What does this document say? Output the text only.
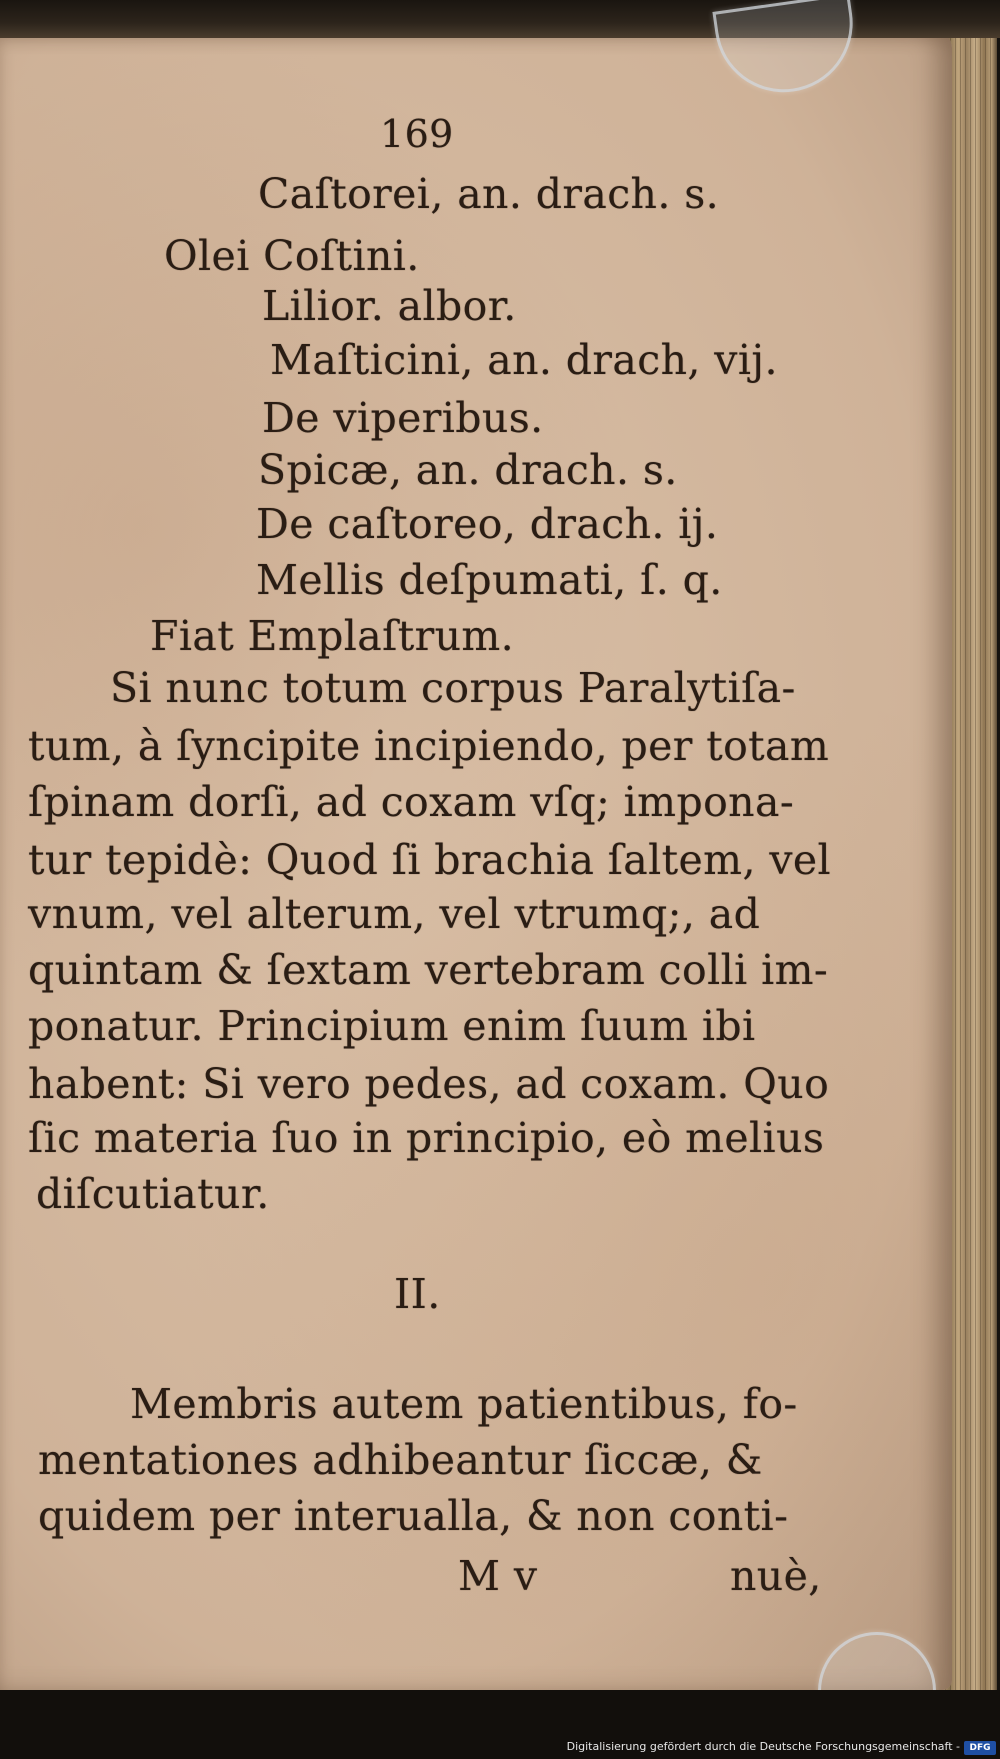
169
Caſtorei, an. drach. s.
Olei Coſtini.
Lilior. albor.
Maſticini, an. drach, vij.
De viperibus.
Spicæ, an. drach. s.
De caſtoreo, drach. ij.
Mellis deſpumati, ſ. q.
Fiat Emplaſtrum.
Si nunc totum corpus Paralytiſa-
tum, à ſyncipite incipiendo, per totam
ſpinam dorſi, ad coxam vſq; impona-
tur tepidè: Quod ſi brachia ſaltem, vel
vnum, vel alterum, vel vtrumq;, ad
quintam & ſextam vertebram colli im-
ponatur. Principium enim ſuum ibi
habent: Si vero pedes, ad coxam. Quo
ſic materia ſuo in principio, eò melius
diſcutiatur.
II.
Membris autem patientibus, fo-
mentationes adhibeantur ſiccæ, &
quidem per interualla, & non conti-
M v	nuè,
Digitalisierung gefördert durch die Deutsche Forschungsgemeinschaft -	DFG
